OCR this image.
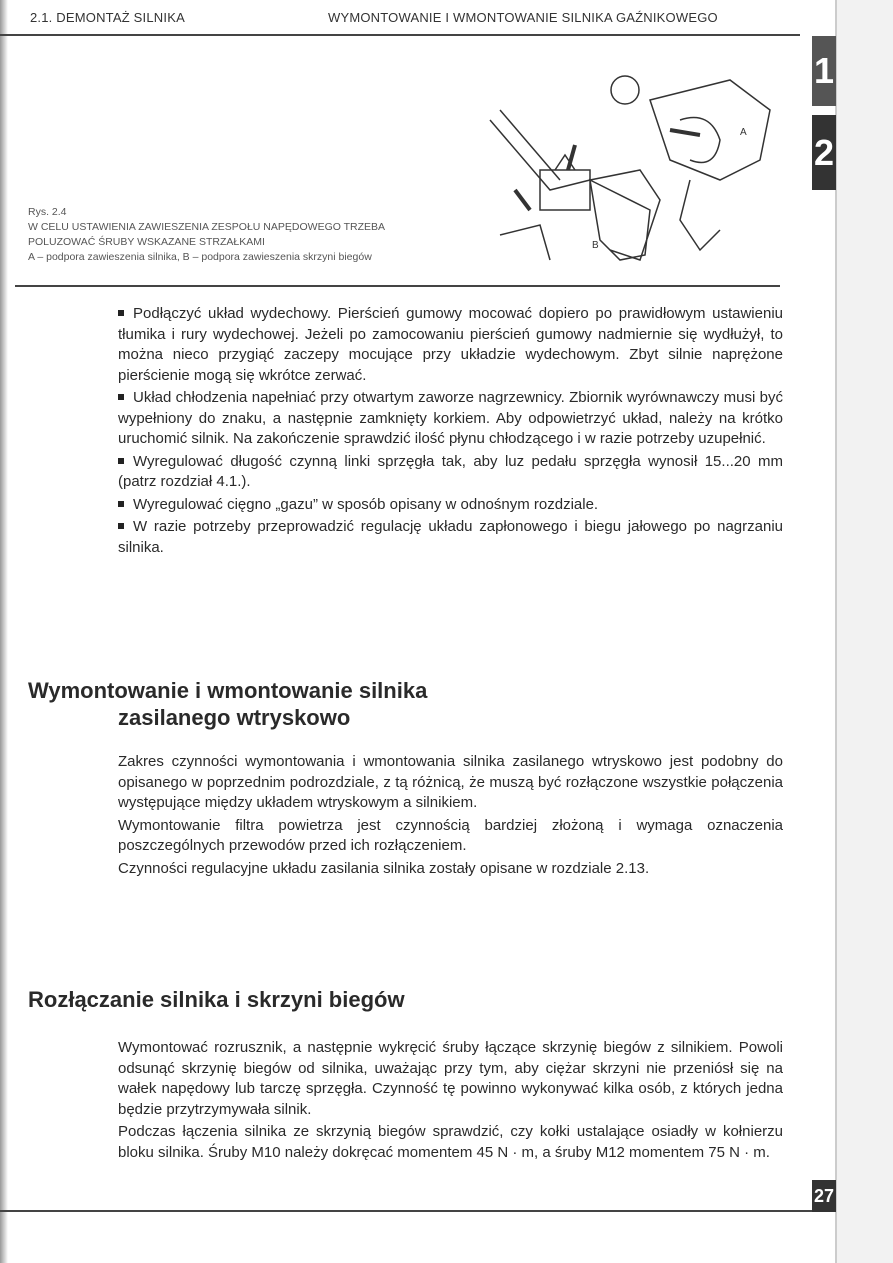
1
2
2.1. DEMONTAŻ SILNIKA	WYMONTOWANIE I WMONTOWANIE SILNIKA GAŹNIKOWEGO
B
A
Rys. 2.4
W CELU USTAWIENIA ZAWIESZENIA ZESPOŁU NAPĘDOWEGO TRZEBA
POLUZOWAĆ ŚRUBY WSKAZANE STRZAŁKAMI
A – podpora zawieszenia silnika, B – podpora zawieszenia skrzyni biegów

Podłączyć układ wydechowy. Pierścień gumowy mocować dopiero po prawidłowym ustawieniu tłumika i rury wydechowej. Jeżeli po zamocowaniu pierścień gumowy nadmiernie się wydłużył, to można nieco przygiąć zaczepy mocujące przy układzie wydechowym. Zbyt silnie naprężone pierścienie mogą się wkrótce zerwać.

Układ chłodzenia napełniać przy otwartym zaworze nagrzewnicy. Zbiornik wyrównawczy musi być wypełniony do znaku, a następnie zamknięty korkiem. Aby odpowietrzyć układ, należy na krótko uruchomić silnik. Na zakończenie sprawdzić ilość płynu chłodzącego i w razie potrzeby uzupełnić.

Wyregulować długość czynną linki sprzęgła tak, aby luz pedału sprzęgła wynosił 15...20 mm (patrz rozdział 4.1.).

Wyregulować cięgno „gazu” w sposób opisany w odnośnym rozdziale.

W razie potrzeby przeprowadzić regulację układu zapłonowego i biegu jałowego po nagrzaniu silnika.

Wymontowanie i wmontowanie silnika
zasilanego wtryskowo

Zakres czynności wymontowania i wmontowania silnika zasilanego wtryskowo jest podobny do opisanego w poprzednim podrozdziale, z tą różnicą, że muszą być rozłączone wszystkie połączenia występujące między układem wtryskowym a silnikiem.

Wymontowanie filtra powietrza jest czynnością bardziej złożoną i wymaga oznaczenia poszczególnych przewodów przed ich rozłączeniem.

Czynności regulacyjne układu zasilania silnika zostały opisane w rozdziale 2.13.

Rozłączanie silnika i skrzyni biegów

Wymontować rozrusznik, a następnie wykręcić śruby łączące skrzynię biegów z silnikiem. Powoli odsunąć skrzynię biegów od silnika, uważając przy tym, aby ciężar skrzyni nie przeniósł się na wałek napędowy lub tarczę sprzęgła. Czynność tę powinno wykonywać kilka osób, z których jedna będzie przytrzymywała silnik.

Podczas łączenia silnika ze skrzynią biegów sprawdzić, czy kołki ustalające osiadły w kołnierzu bloku silnika. Śruby M10 należy dokręcać momentem 45 N · m, a śruby M12 momentem 75 N · m.

27
